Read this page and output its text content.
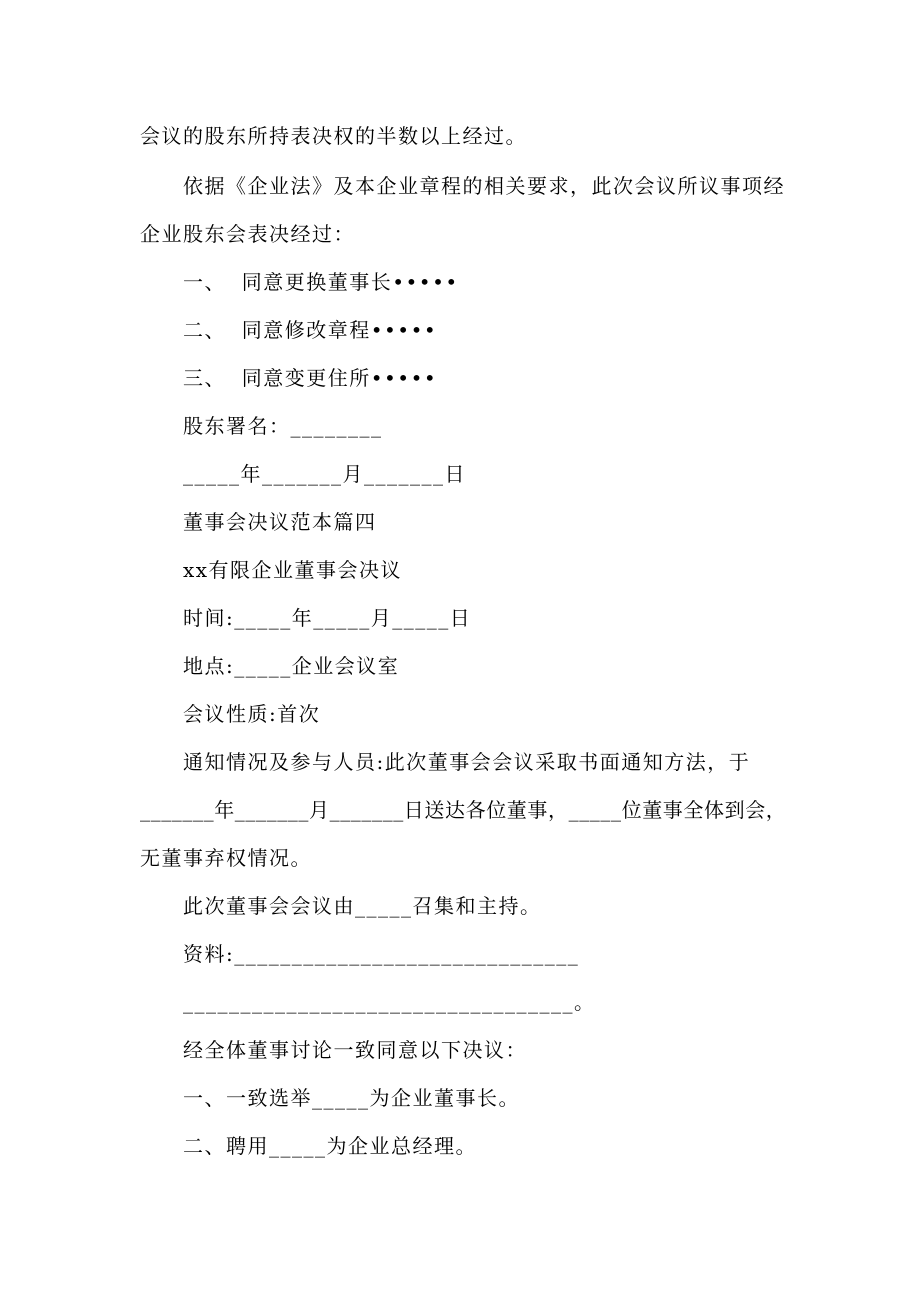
会议的股东所持表决权的半数以上经过。
依据《企业法》及本企业章程的相关要求，此次会议所议事项经
企业股东会表决经过：
一、  同意更换董事长•••••
二、  同意修改章程•••••
三、  同意变更住所•••••
股东署名：________
_____年_______月_______日
董事会决议范本篇四
xx有限企业董事会决议
时间:_____年_____月_____日
地点:_____企业会议室
会议性质:首次
通知情况及参与人员:此次董事会会议采取书面通知方法，于
_______年_______月_______日送达各位董事，_____位董事全体到会，
无董事弃权情况。
此次董事会会议由_____召集和主持。
资料:______________________________
__________________________________。
经全体董事讨论一致同意以下决议：
一、一致选举_____为企业董事长。
二、聘用_____为企业总经理。
